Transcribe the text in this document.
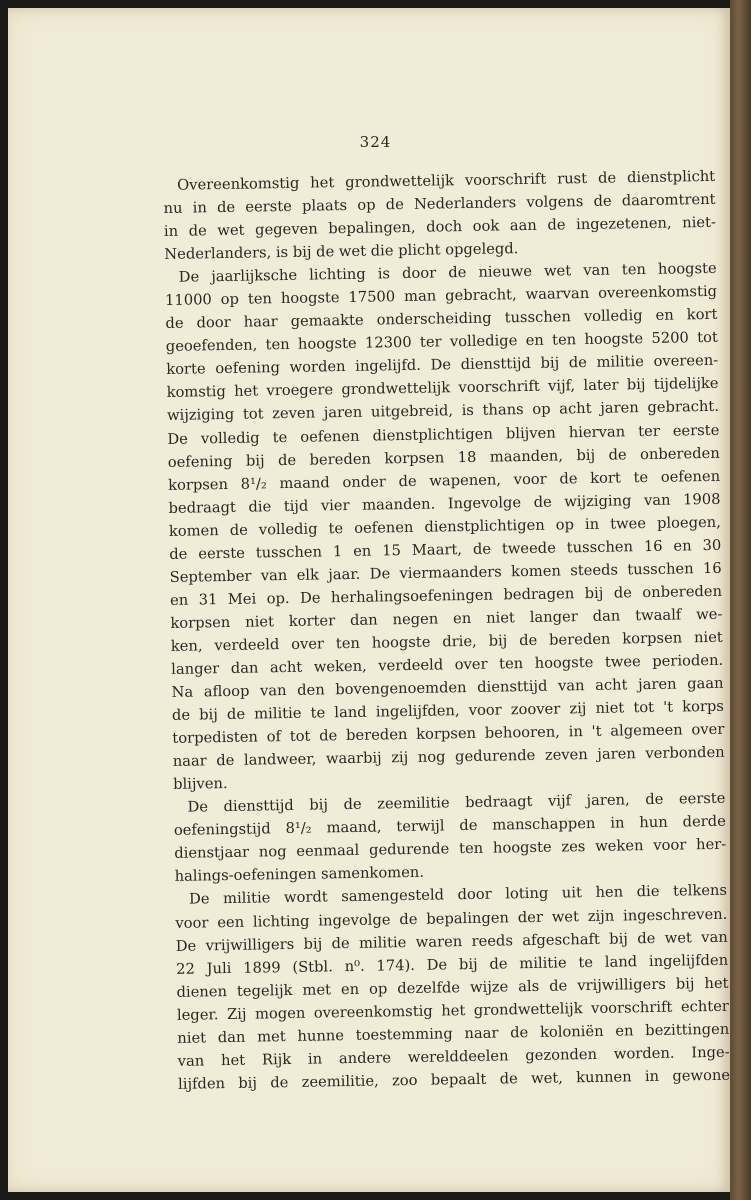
324
Overeenkomstig het grondwettelijk voorschrift rust de dienstplicht
nu in de eerste plaats op de Nederlanders volgens de daaromtrent
in de wet gegeven bepalingen, doch ook aan de ingezetenen, niet-
Nederlanders, is bij de wet die plicht opgelegd.
De jaarlijksche lichting is door de nieuwe wet van ten hoogste
11000 op ten hoogste 17500 man gebracht, waarvan overeenkomstig
de door haar gemaakte onderscheiding tusschen volledig en kort
geoefenden, ten hoogste 12300 ter volledige en ten hoogste 5200 tot
korte oefening worden ingelijfd. De diensttijd bij de militie overeen-
komstig het vroegere grondwettelijk voorschrift vijf, later bij tijdelijke
wijziging tot zeven jaren uitgebreid, is thans op acht jaren gebracht.
De volledig te oefenen dienstplichtigen blijven hiervan ter eerste
oefening bij de bereden korpsen 18 maanden, bij de onbereden
korpsen 8¹/₂ maand onder de wapenen, voor de kort te oefenen
bedraagt die tijd vier maanden. Ingevolge de wijziging van 1908
komen de volledig te oefenen dienstplichtigen op in twee ploegen,
de eerste tusschen 1 en 15 Maart, de tweede tusschen 16 en 30
September van elk jaar. De viermaanders komen steeds tusschen 16
en 31 Mei op. De herhalingsoefeningen bedragen bij de onbereden
korpsen niet korter dan negen en niet langer dan twaalf we-
ken, verdeeld over ten hoogste drie, bij de bereden korpsen niet
langer dan acht weken, verdeeld over ten hoogste twee perioden.
Na afloop van den bovengenoemden diensttijd van acht jaren gaan
de bij de militie te land ingelijfden, voor zoover zij niet tot 't korps
torpedisten of tot de bereden korpsen behooren, in 't algemeen over
naar de landweer, waarbij zij nog gedurende zeven jaren verbonden
blijven.
De diensttijd bij de zeemilitie bedraagt vijf jaren, de eerste
oefeningstijd 8¹/₂ maand, terwijl de manschappen in hun derde
dienstjaar nog eenmaal gedurende ten hoogste zes weken voor her-
halings-oefeningen samenkomen.
De militie wordt samengesteld door loting uit hen die telkens
voor een lichting ingevolge de bepalingen der wet zijn ingeschreven.
De vrijwilligers bij de militie waren reeds afgeschaft bij de wet van
22 Juli 1899 (Stbl. n⁰. 174). De bij de militie te land ingelijfden
dienen tegelijk met en op dezelfde wijze als de vrijwilligers bij het
leger. Zij mogen overeenkomstig het grondwettelijk voorschrift echter
niet dan met hunne toestemming naar de koloniën en bezittingen
van het Rijk in andere werelddeelen gezonden worden. Inge-
lijfden bij de zeemilitie, zoo bepaalt de wet, kunnen in gewone
